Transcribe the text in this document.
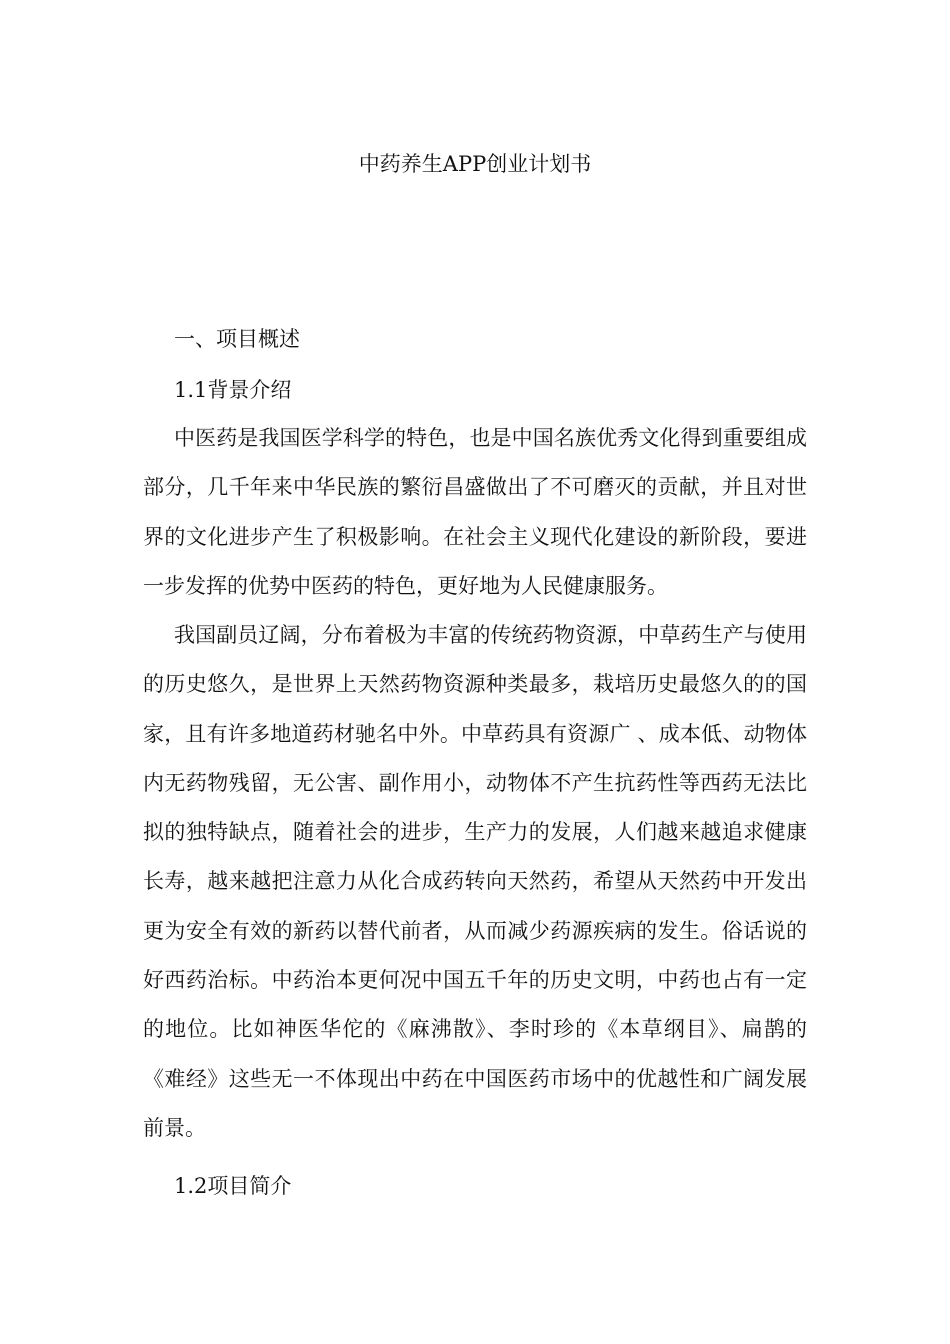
中药养生APP创业计划书
一、项目概述
1.1背景介绍

中医药是我国医学科学的特色，也是中国名族优秀文化得到重要组成部分，几千年来中华民族的繁衍昌盛做出了不可磨灭的贡献，并且对世界的文化进步产生了积极影响。在社会主义现代化建设的新阶段，要进一步发挥的优势中医药的特色，更好地为人民健康服务。

我国副员辽阔，分布着极为丰富的传统药物资源，中草药生产与使用的历史悠久，是世界上天然药物资源种类最多，栽培历史最悠久的的国家，且有许多地道药材驰名中外。中草药具有资源广 、成本低、动物体内无药物残留，无公害、副作用小，动物体不产生抗药性等西药无法比拟的独特缺点，随着社会的进步，生产力的发展，人们越来越追求健康长寿，越来越把注意力从化合成药转向天然药，希望从天然药中开发出更为安全有效的新药以替代前者，从而减少药源疾病的发生。俗话说的好西药治标。中药治本更何况中国五千年的历史文明，中药也占有一定的地位。比如神医华佗的《麻沸散》、李时珍的《本草纲目》、扁鹊的《难经》这些无一不体现出中药在中国医药市场中的优越性和广阔发展前景。

1.2项目简介
